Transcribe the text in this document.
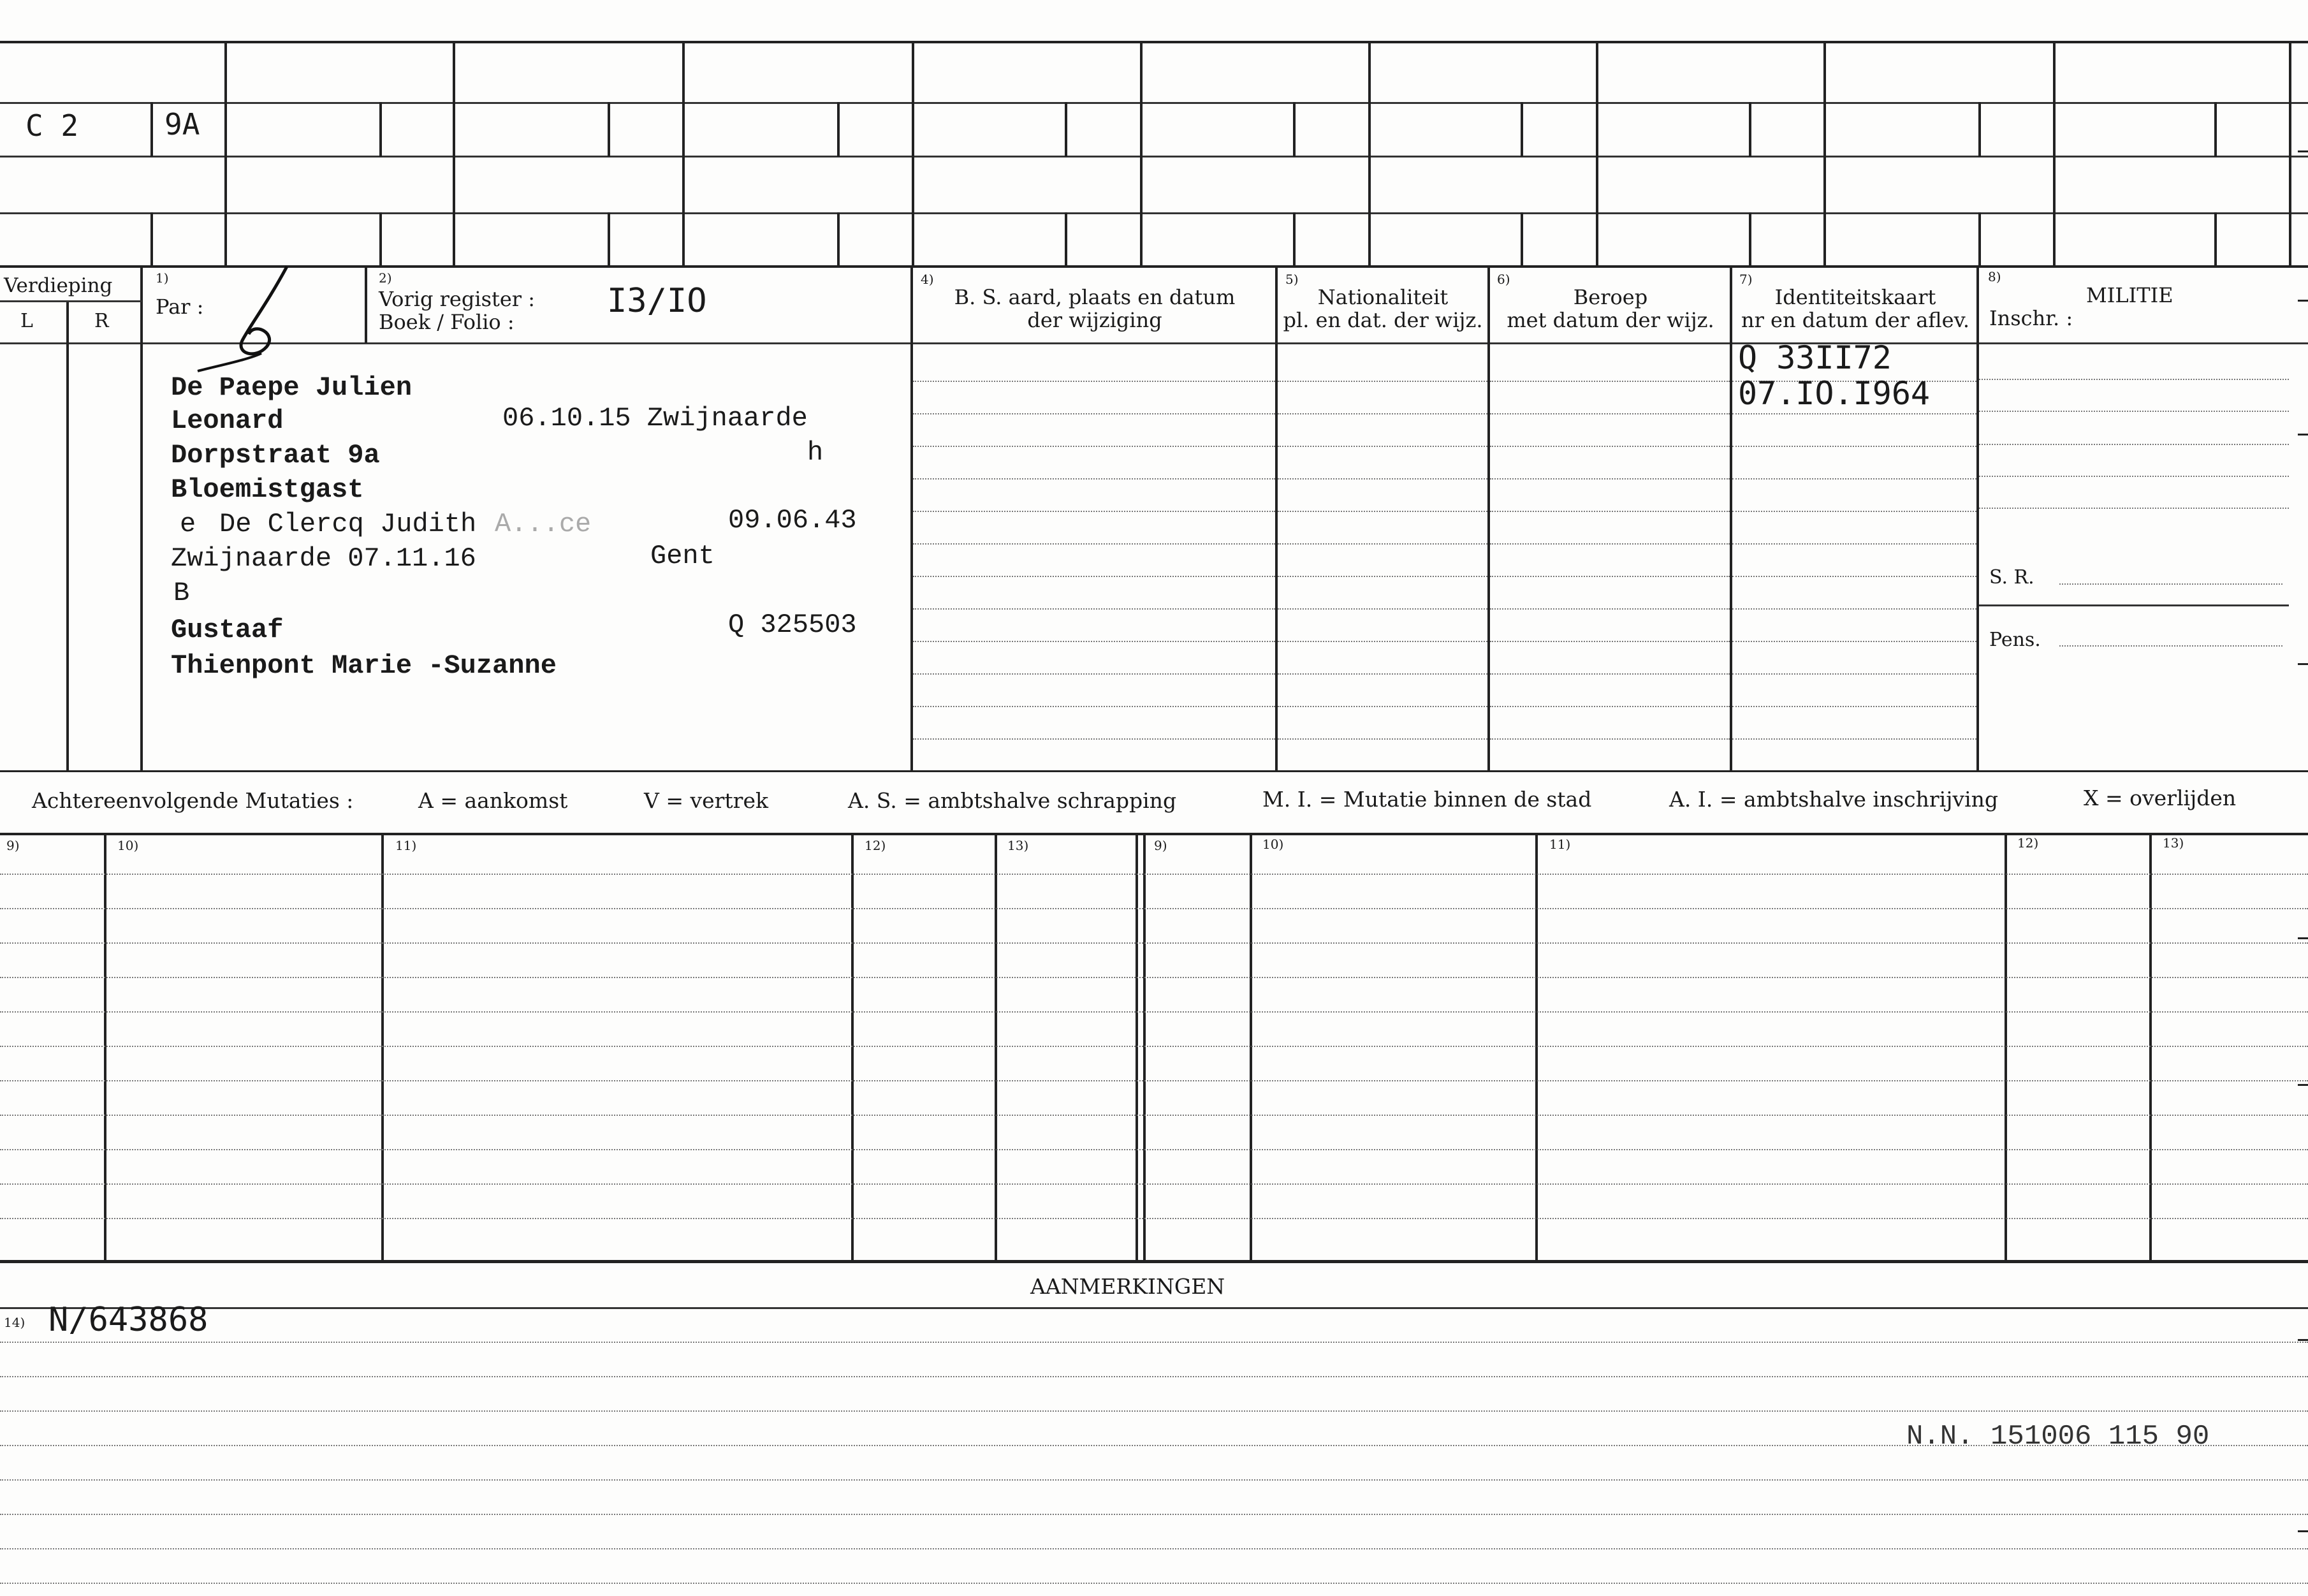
C 2	9A
Verdieping
L	R
1)
Par :
2)
Vorig register :
Boek / Folio :
I3/IO
4)
B. S. aard, plaats en datum
der wijziging
5)
Nationaliteit
pl. en dat. der wijz.
6)
Beroep
met datum der wijz.
7)
Identiteitskaart
nr en datum der aflev.
8)
MILITIE
Inschr. :
S. R.
Pens.
Q 33II72
07.IO.I964
De Paepe Julien
Leonard	06.10.15 Zwijnaarde
Dorpstraat 9a	h
Bloemistgast
e De Clercq Judith A...ce	09.06.43
Zwijnaarde 07.11.16	Gent
B
Gustaaf	Q 325503
Thienpont Marie -Suzanne
Achtereenvolgende Mutaties :	A = aankomst	V = vertrek	A. S. = ambtshalve schrapping	M. I. = Mutatie binnen de stad	A. I. = ambtshalve inschrijving	X = overlijden
9)	10)	11)	12)	13)	9)	10)	11)	12)	13)
AANMERKINGEN
14) N/643868
N.N. 151006 115 90
